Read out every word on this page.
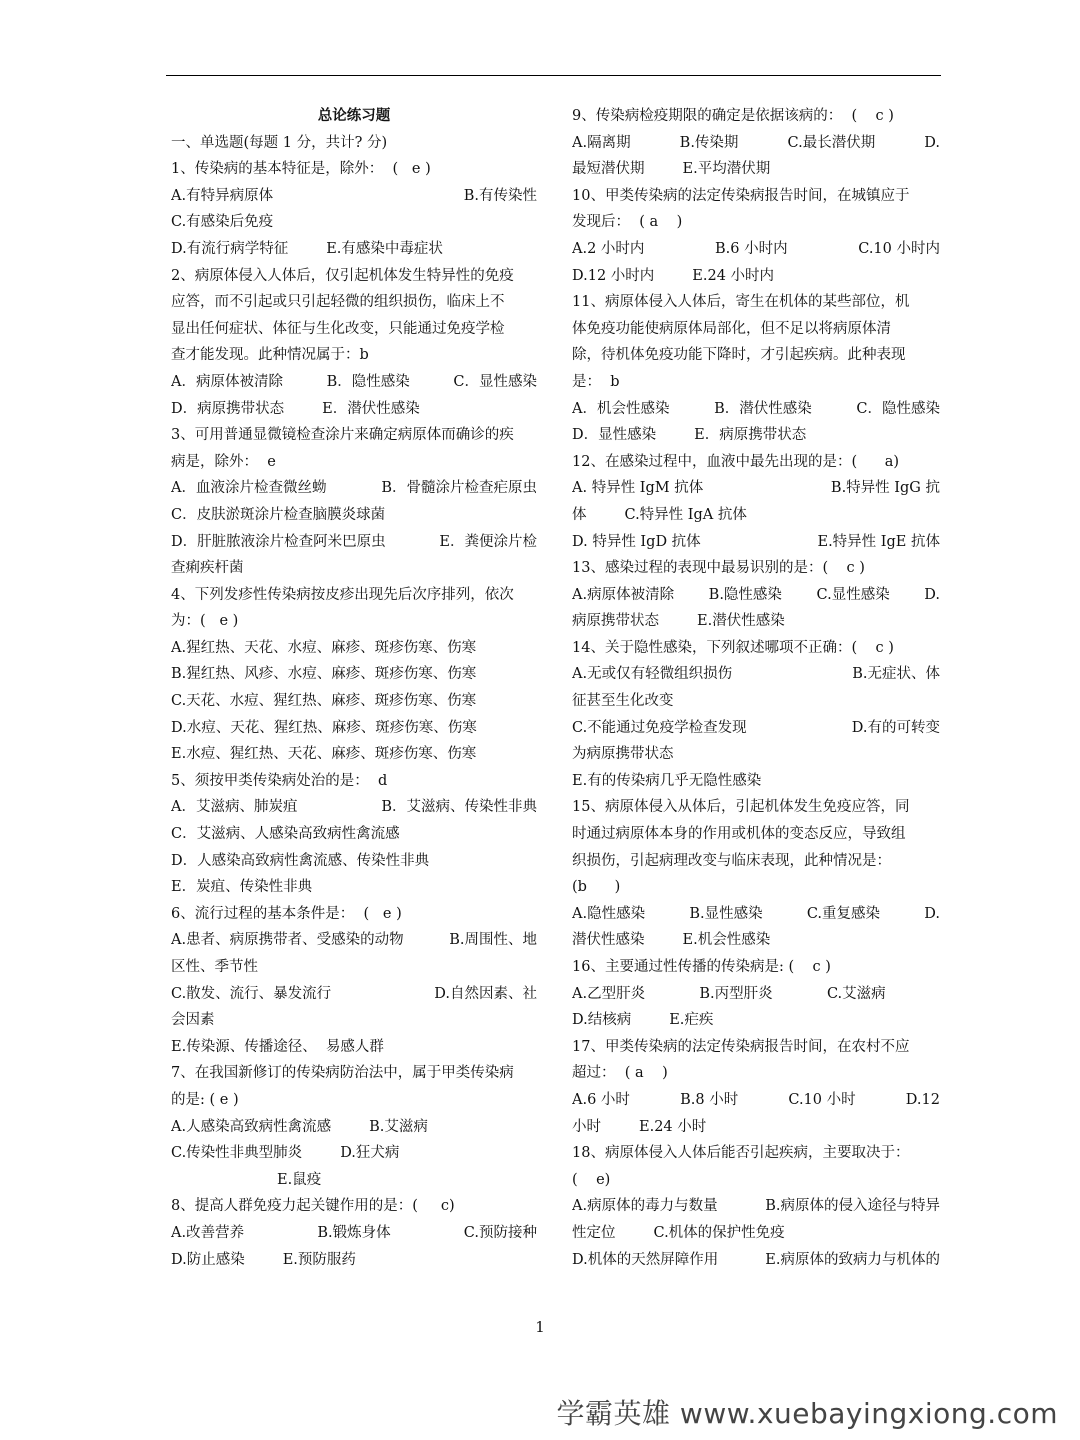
总论练习题
一、单选题(每题 1 分，共计? 分)
1、传染病的基本特征是，除外：  (   e )
A.有特异病原体	B.有传染性
C.有感染后免疫
D.有流行病学特征	E.有感染中毒症状
2、病原体侵入人体后，仅引起机体发生特异性的免疫
应答，而不引起或只引起轻微的组织损伤，临床上不
显出任何症状、体征与生化改变，只能通过免疫学检
查才能发现。此种情况属于：b
A．病原体被清除	B．隐性感染	C．显性感染
D．病原携带状态	E．潜伏性感染
3、可用普通显微镜检查涂片来确定病原体而确诊的疾
病是，除外：  e
A．血液涂片检查微丝蚴	B．骨髓涂片检查疟原虫
C．皮肤淤斑涂片检查脑膜炎球菌
D．肝脏脓液涂片检查阿米巴原虫	E．粪便涂片检
查痢疾杆菌
4、下列发疹性传染病按皮疹出现先后次序排列，依次
为：(   e )
A.猩红热、天花、水痘、麻疹、斑疹伤寒、伤寒
B.猩红热、风疹、水痘、麻疹、斑疹伤寒、伤寒
C.天花、水痘、猩红热、麻疹、斑疹伤寒、伤寒
D.水痘、天花、猩红热、麻疹、斑疹伤寒、伤寒
E.水痘、猩红热、天花、麻疹、斑疹伤寒、伤寒
5、须按甲类传染病处治的是：  d
A．艾滋病、肺炭疽	B．艾滋病、传染性非典
C．艾滋病、人感染高致病性禽流感
D．人感染高致病性禽流感、传染性非典
E．炭疽、传染性非典
6、流行过程的基本条件是：  (   e )
A.患者、病原携带者、受感染的动物	B.周围性、地
区性、季节性
C.散发、流行、暴发流行	D.自然因素、社
会因素
E.传染源、传播途径、  易感人群
7、在我国新修订的传染病防治法中，属于甲类传染病
的是: ( e )
A.人感染高致病性禽流感	B.艾滋病
C.传染性非典型肺炎	D.狂犬病
E.鼠疫
8、提高人群免疫力起关键作用的是：(     c)
A.改善营养	B.锻炼身体	C.预防接种
D.防止感染	E.预防服药
9、传染病检疫期限的确定是依据该病的：  (    c )
A.隔离期	B.传染期	C.最长潜伏期	D.
最短潜伏期	E.平均潜伏期
10、甲类传染病的法定传染病报告时间，在城镇应于
发现后：  ( a    )
A.2 小时内	B.6 小时内	C.10 小时内
D.12 小时内	E.24 小时内
11、病原体侵入人体后，寄生在机体的某些部位，机
体免疫功能使病原体局部化，但不足以将病原体清
除，待机体免疫功能下降时，才引起疾病。此种表现
是：  b
A．机会性感染	B．潜伏性感染	C．隐性感染
D．显性感染	E．病原携带状态
12、在感染过程中，血液中最先出现的是：(      a)
A. 特异性 IgM 抗体	B.特异性 IgG 抗
体	C.特异性 IgA 抗体
D. 特异性 IgD 抗体	E.特异性 IgE 抗体
13、感染过程的表现中最易识别的是：(    c )
A.病原体被清除 B.隐性感染 C.显性感染 D.
病原携带状态	E.潜伏性感染
14、关于隐性感染，下列叙述哪项不正确：(    c )
A.无或仅有轻微组织损伤	B.无症状、体
征甚至生化改变
C.不能通过免疫学检查发现	D.有的可转变
为病原携带状态
E.有的传染病几乎无隐性感染
15、病原体侵入从体后，引起机体发生免疫应答，同
时通过病原体本身的作用或机体的变态反应，导致组
织损伤，引起病理改变与临床表现，此种情况是：
(b      )
A.隐性感染	B.显性感染	C.重复感染	D.
潜伏性感染	E.机会性感染
16、主要通过性传播的传染病是: (    c )
A.乙型肝炎	B.丙型肝炎	C.艾滋病
D.结核病	E.疟疾
17、甲类传染病的法定传染病报告时间，在农村不应
超过：  ( a    )
A.6 小时	B.8 小时	C.10 小时	D.12
小时	E.24 小时
18、病原体侵入人体后能否引起疾病，主要取决于：
(    e)
A.病原体的毒力与数量	B.病原体的侵入途径与特异
性定位	C.机体的保护性免疫
D.机体的天然屏障作用	E.病原体的致病力与机体的
1
学霸英雄 www.xuebayingxiong.com
